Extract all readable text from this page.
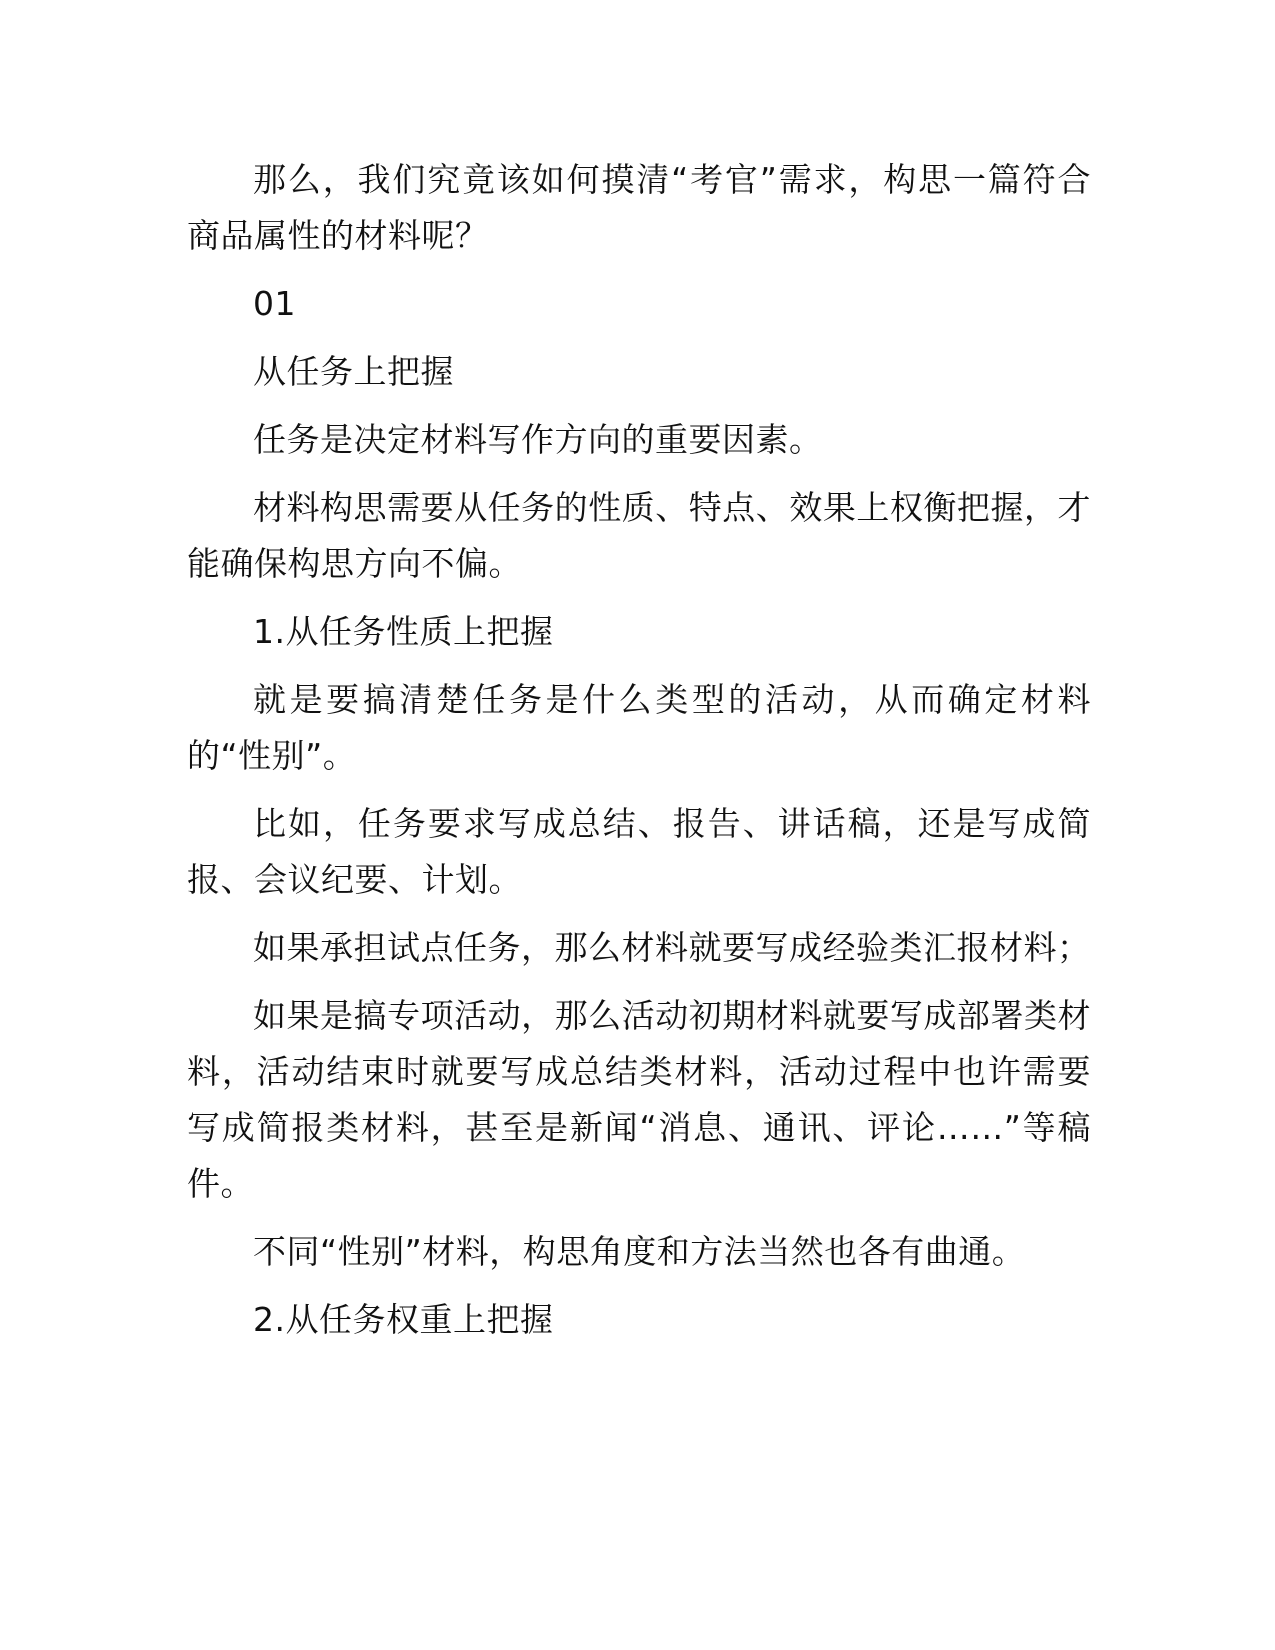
那么，我们究竟该如何摸清“考官”需求，构思一篇符合商品属性的材料呢？

01

从任务上把握

任务是决定材料写作方向的重要因素。

材料构思需要从任务的性质、特点、效果上权衡把握，才能确保构思方向不偏。

1.从任务性质上把握

就是要搞清楚任务是什么类型的活动，从而确定材料的“性别”。

比如，任务要求写成总结、报告、讲话稿，还是写成简报、会议纪要、计划。

如果承担试点任务，那么材料就要写成经验类汇报材料；

如果是搞专项活动，那么活动初期材料就要写成部署类材料，活动结束时就要写成总结类材料，活动过程中也许需要写成简报类材料，甚至是新闻“消息、通讯、评论……”等稿件。

不同“性别”材料，构思角度和方法当然也各有曲通。

2.从任务权重上把握
